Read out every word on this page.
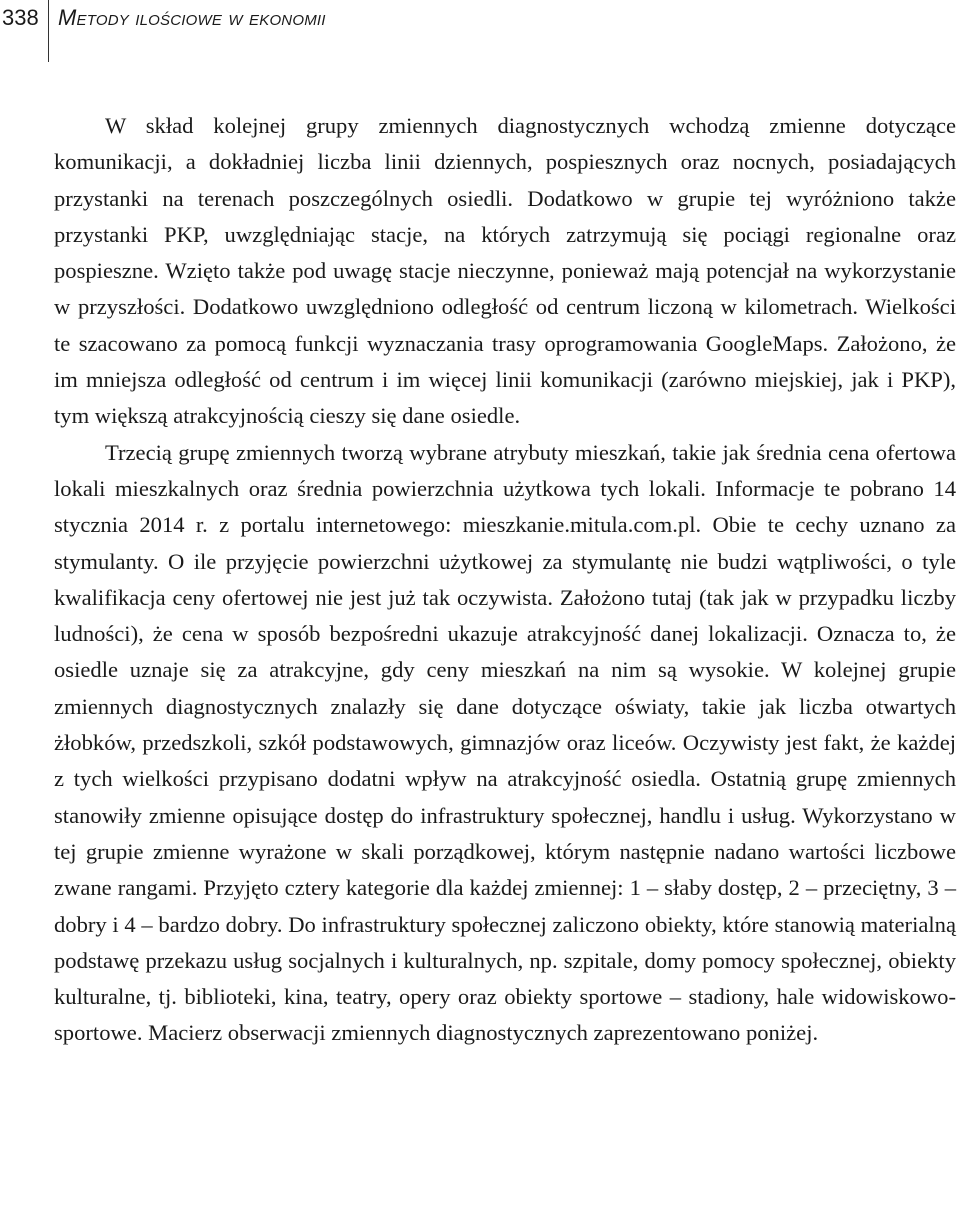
338 Metody ilościowe w ekonomii

W skład kolejnej grupy zmiennych diagnostycznych wchodzą zmienne dotyczące komunikacji, a dokładniej liczba linii dziennych, pospiesznych oraz nocnych, posiadających przystanki na terenach poszczególnych osiedli. Dodatkowo w grupie tej wyróżniono także przystanki PKP, uwzględniając stacje, na których zatrzymują się pociągi regionalne oraz pospieszne. Wzięto także pod uwagę stacje nieczynne, ponieważ mają potencjał na wykorzystanie w przyszłości. Dodatkowo uwzględniono odległość od centrum liczoną w kilometrach. Wielkości te szacowano za pomocą funkcji wyznaczania trasy oprogramowania GoogleMaps. Założono, że im mniejsza odległość od centrum i im więcej linii komunikacji (zarówno miejskiej, jak i PKP), tym większą atrakcyjnością cieszy się dane osiedle.

Trzecią grupę zmiennych tworzą wybrane atrybuty mieszkań, takie jak średnia cena ofertowa lokali mieszkalnych oraz średnia powierzchnia użytkowa tych lokali. Informacje te pobrano 14 stycznia 2014 r. z portalu internetowego: mieszkanie.mitula.com.pl. Obie te cechy uznano za stymulanty. O ile przyjęcie powierzchni użytkowej za stymulantę nie budzi wątpliwości, o tyle kwalifikacja ceny ofertowej nie jest już tak oczywista. Założono tutaj (tak jak w przypadku liczby ludności), że cena w sposób bezpośredni ukazuje atrakcyjność danej lokalizacji. Oznacza to, że osiedle uznaje się za atrakcyjne, gdy ceny mieszkań na nim są wysokie. W kolejnej grupie zmiennych diagnostycznych znalazły się dane dotyczące oświaty, takie jak liczba otwartych żłobków, przedszkoli, szkół podstawowych, gimnazjów oraz liceów. Oczywisty jest fakt, że każdej z tych wielkości przypisano dodatni wpływ na atrakcyjność osiedla. Ostatnią grupę zmiennych stanowiły zmienne opisujące dostęp do infrastruktury społecznej, handlu i usług. Wykorzystano w tej grupie zmienne wyrażone w skali porządkowej, którym następnie nadano wartości liczbowe zwane rangami. Przyjęto cztery kategorie dla każdej zmiennej: 1 – słaby dostęp, 2 – przeciętny, 3 – dobry i 4 – bardzo dobry. Do infrastruktury społecznej zaliczono obiekty, które stanowią materialną podstawę przekazu usług socjalnych i kulturalnych, np. szpitale, domy pomocy społecznej, obiekty kulturalne, tj. biblioteki, kina, teatry, opery oraz obiekty sportowe – stadiony, hale widowiskowo-sportowe. Macierz obserwacji zmiennych diagnostycznych zaprezentowano poniżej.
